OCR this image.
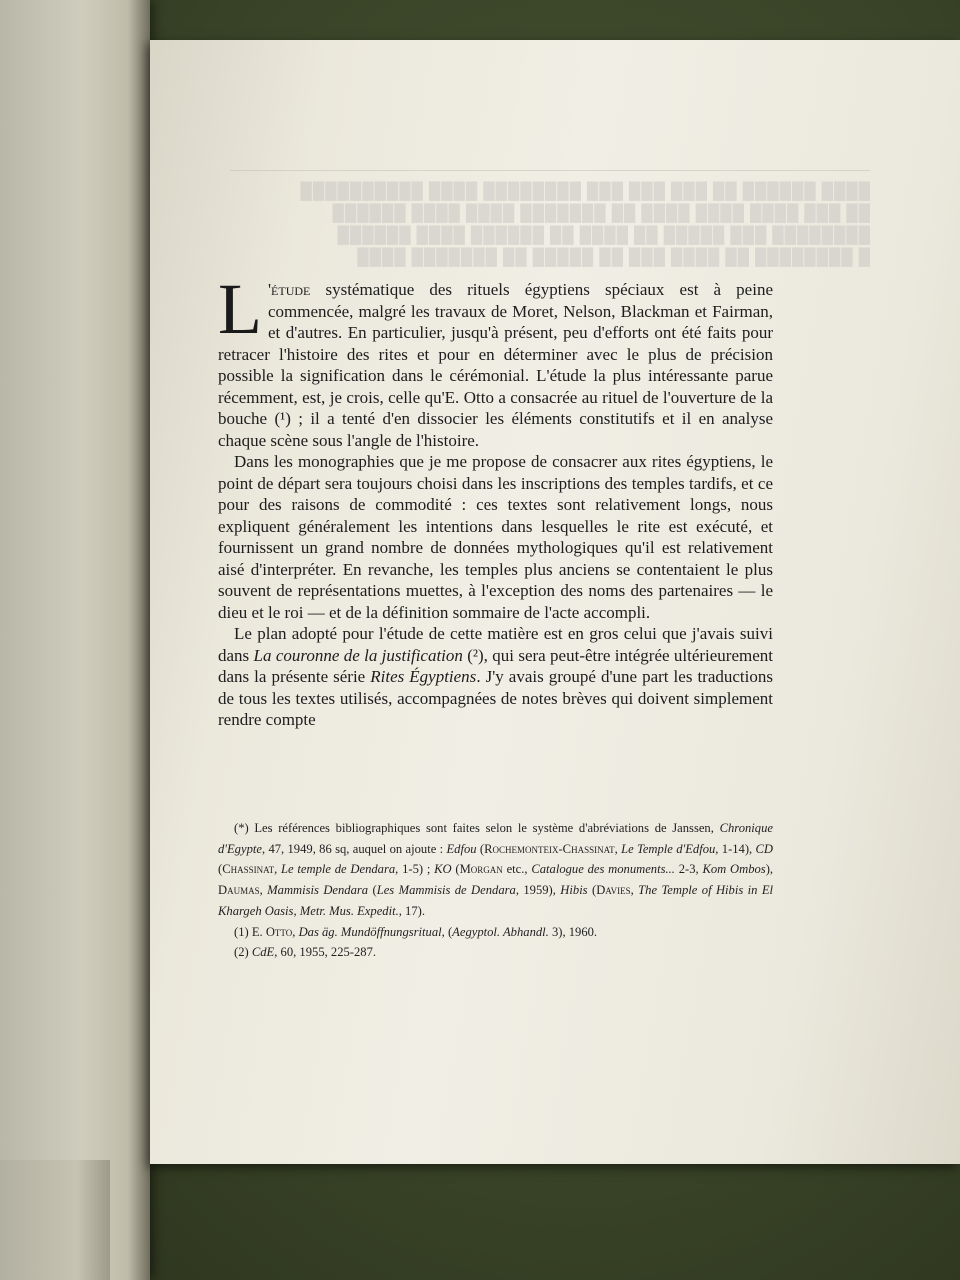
████ ██████ ██ ███ ███ ███ ████████ ████ ██████████
██ ███ ████ ████ ████ ██ ███████ ████ ████ ██████
████████ ███ █████ ██ ████ ██ ██████ ████ ██████
█ ████████ ██ ████ ███ ██ █████ ██ ███████ ████

L 'étude systématique des rituels égyptiens spéciaux est à peine commencée, malgré les travaux de Moret, Nelson, Blackman et Fairman, et d'autres. En particulier, jusqu'à présent, peu d'efforts ont été faits pour retracer l'histoire des rites et pour en déterminer avec le plus de précision possible la signification dans le cérémonial. L'étude la plus intéressante parue récemment, est, je crois, celle qu'E. Otto a consacrée au rituel de l'ouverture de la bouche (¹) ; il a tenté d'en dissocier les éléments constitutifs et il en analyse chaque scène sous l'angle de l'histoire.

Dans les monographies que je me propose de consacrer aux rites égyptiens, le point de départ sera toujours choisi dans les inscriptions des temples tardifs, et ce pour des raisons de commodité : ces textes sont relativement longs, nous expliquent généralement les intentions dans lesquelles le rite est exécuté, et fournissent un grand nombre de données mythologiques qu'il est relativement aisé d'interpréter. En revanche, les temples plus anciens se contentaient le plus souvent de représentations muettes, à l'exception des noms des partenaires — le dieu et le roi — et de la définition sommaire de l'acte accompli.

Le plan adopté pour l'étude de cette matière est en gros celui que j'avais suivi dans La couronne de la justification (²), qui sera peut-être intégrée ultérieurement dans la présente série Rites Égyptiens. J'y avais groupé d'une part les traductions de tous les textes utilisés, accompagnées de notes brèves qui doivent simplement rendre compte

(*) Les références bibliographiques sont faites selon le système d'abréviations de Janssen, Chronique d'Egypte, 47, 1949, 86 sq, auquel on ajoute : Edfou (Rochemonteix-Chassinat, Le Temple d'Edfou, 1-14), CD (Chassinat, Le temple de Dendara, 1-5) ; KO (Morgan etc., Catalogue des monuments... 2-3, Kom Ombos), Daumas, Mammisis Dendara (Les Mammisis de Dendara, 1959), Hibis (Davies, The Temple of Hibis in El Khargeh Oasis, Metr. Mus. Expedit., 17).

(1) E. Otto, Das äg. Mundöffnungsritual, (Aegyptol. Abhandl. 3), 1960.

(2) CdE, 60, 1955, 225-287.
